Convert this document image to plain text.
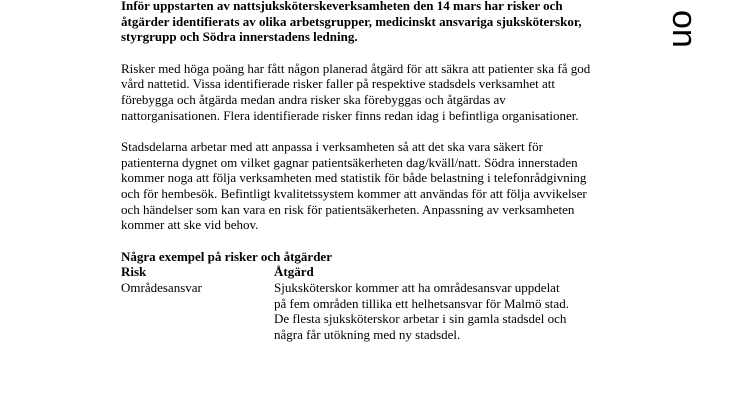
Inför uppstarten av nattsjuksköterskeverksamheten den 14 mars har risker och åtgärder identifierats av olika arbetsgrupper, medicinskt ansvariga sjuksköterskor, styrgrupp och Södra innerstadens ledning.

Risker med höga poäng har fått någon planerad åtgärd för att säkra att patienter ska få god vård nattetid. Vissa identifierade risker faller på respektive stadsdels verksamhet att förebygga och åtgärda medan andra risker ska förebyggas och åtgärdas av nattorganisationen. Flera identifierade risker finns redan idag i befintliga organisationer.

Stadsdelarna arbetar med att anpassa i verksamheten så att det ska vara säkert för patienterna dygnet om vilket gagnar patientsäkerheten dag/kväll/natt. Södra innerstaden kommer noga att följa verksamheten med statistik för både belastning i telefonrådgivning och för hembesök. Befintligt kvalitetssystem kommer att användas för att följa avvikelser och händelser som kan vara en risk för patientsäkerheten. Anpassning av verksamheten kommer att ske vid behov.

Några exempel på risker och åtgärder

Risk	Åtgärd
Områdesansvar	Sjuksköterskor kommer att ha områdesansvar uppdelat på fem områden tillika ett helhetsansvar för Malmö stad. De flesta sjuksköterskor arbetar i sin gamla stadsdel och några får utökning med ny stadsdel.
on
